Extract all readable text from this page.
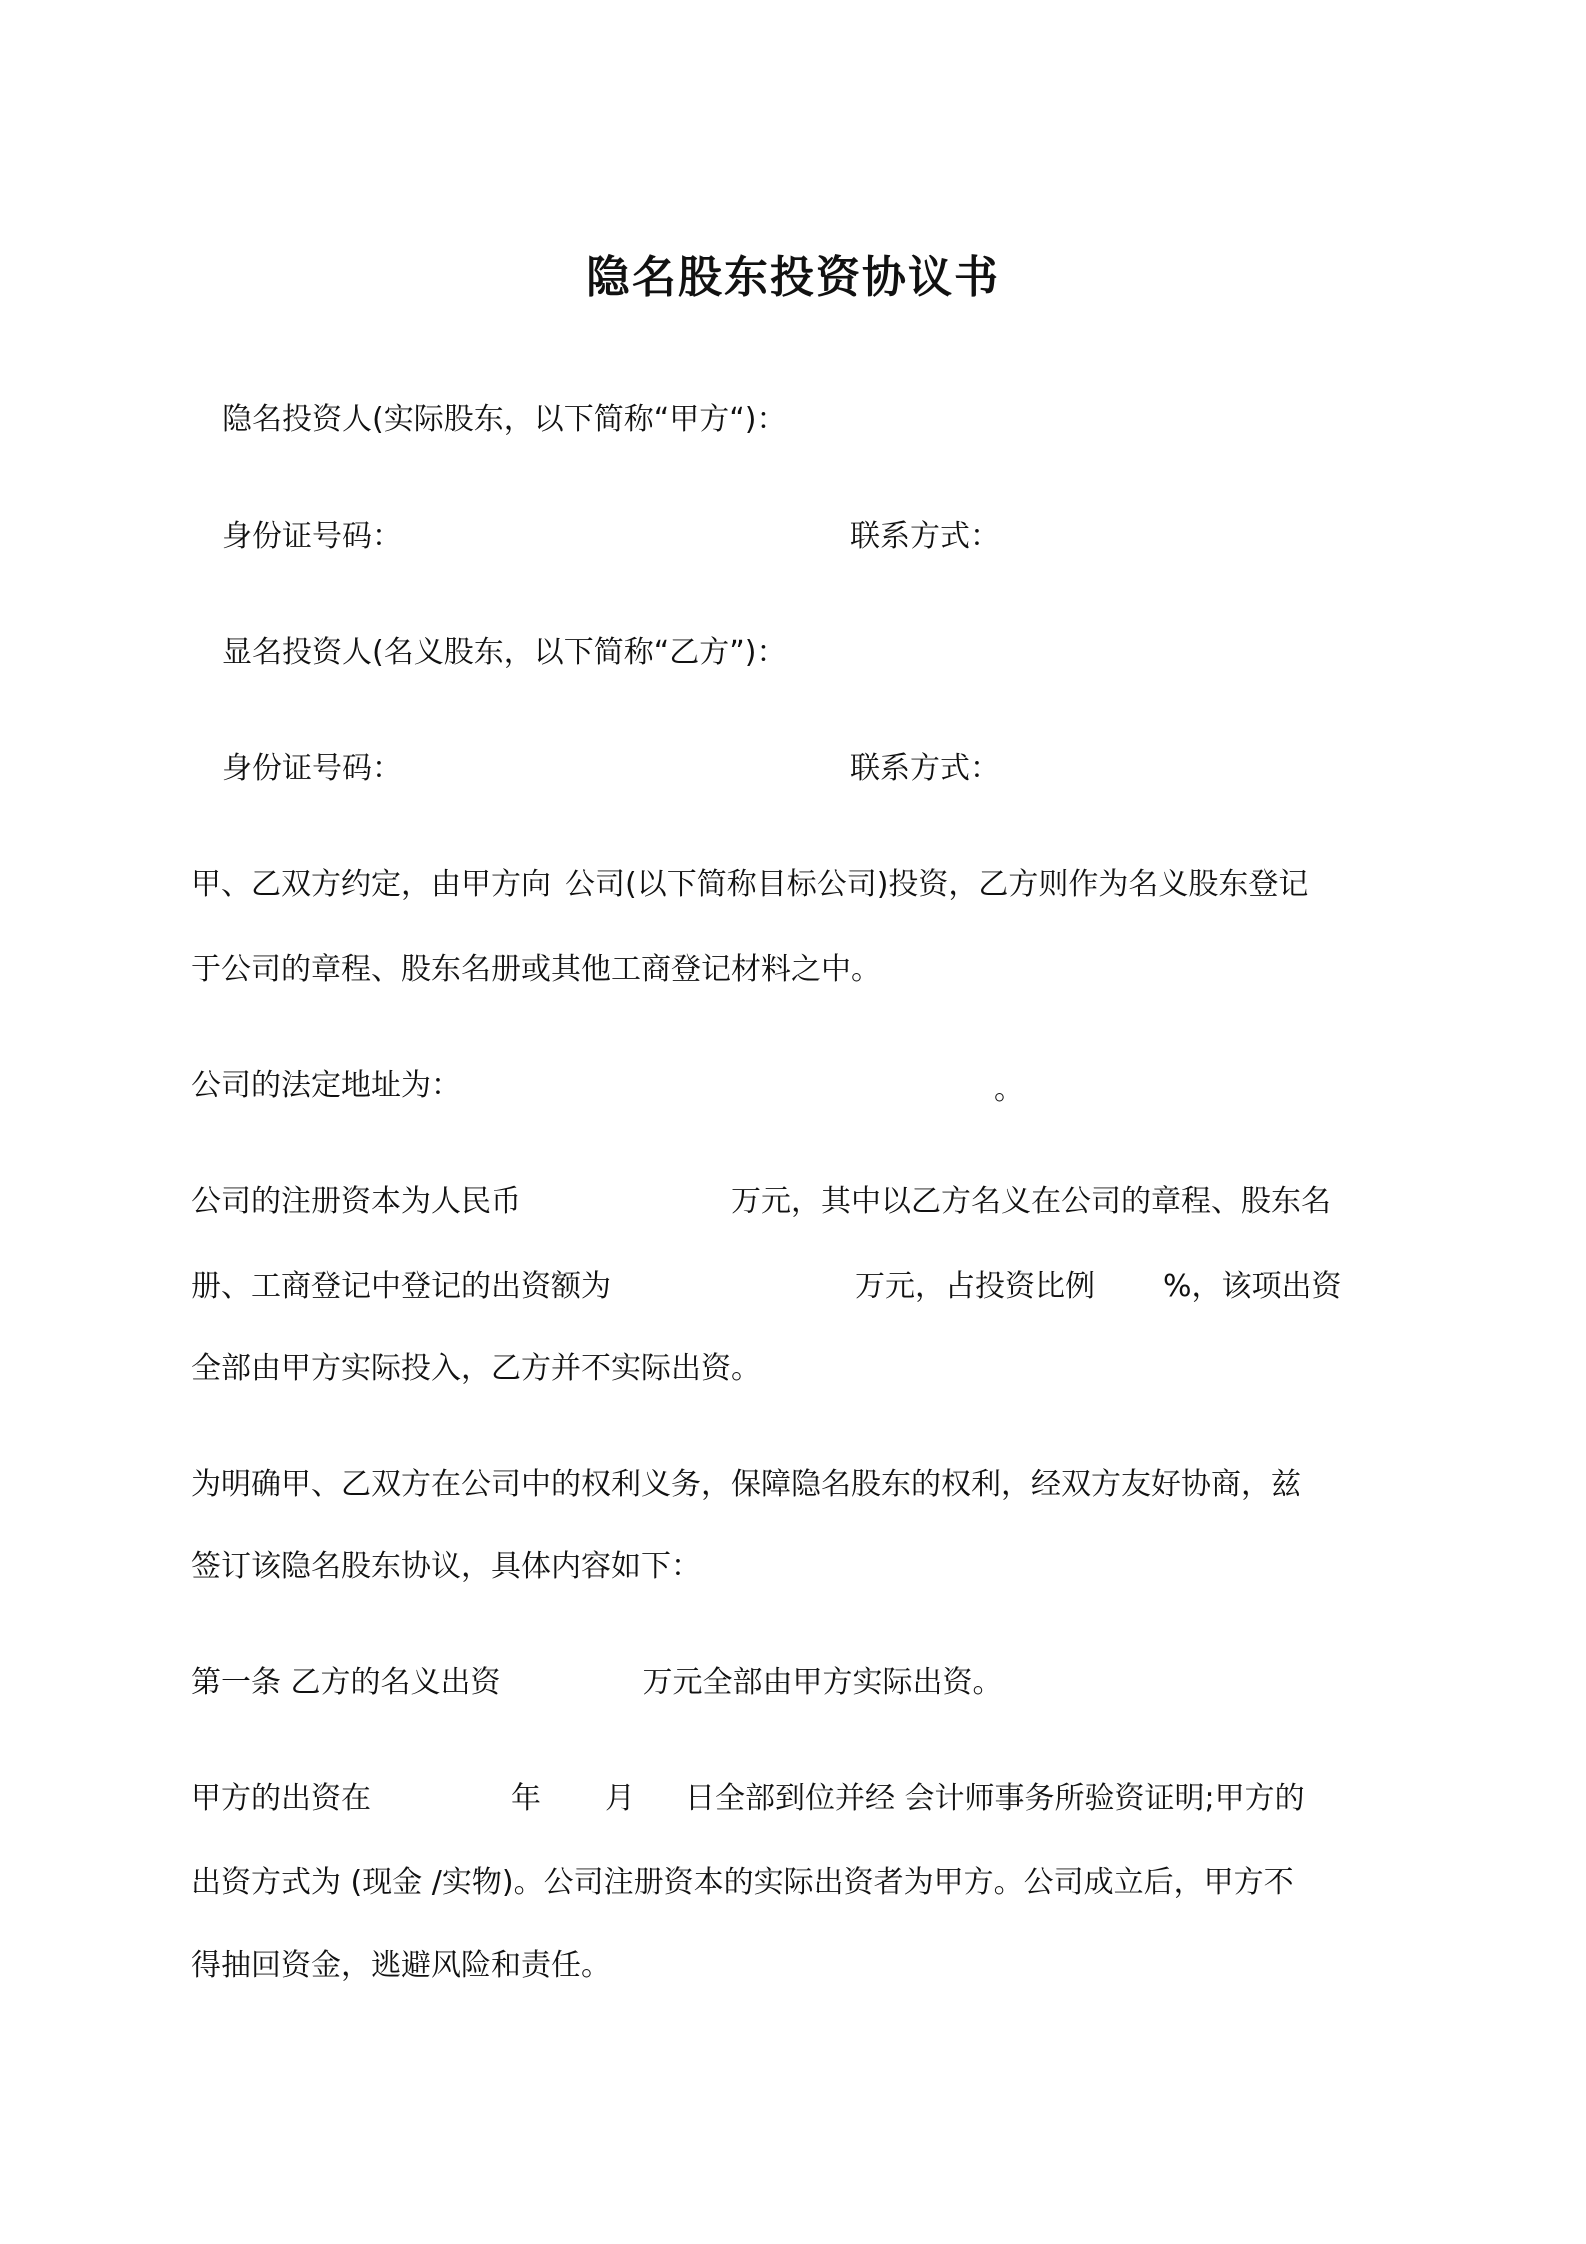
隐名股东投资协议书
隐名投资人(实际股东，以下简称“甲方“)：
身份证号码：	联系方式：
显名投资人(名义股东，以下简称“乙方”)：
身份证号码：	联系方式：
甲、乙双方约定，由甲方向 公司(以下简称目标公司)投资，乙方则作为名义股东登记
于公司的章程、股东名册或其他工商登记材料之中。
公司的法定地址为：	。
公司的注册资本为人民币	万元，其中以乙方名义在公司的章程、股东名
册、工商登记中登记的出资额为	万元，占投资比例 %，该项出资
全部由甲方实际投入，乙方并不实际出资。
为明确甲、乙双方在公司中的权利义务，保障隐名股东的权利，经双方友好协商，兹
签订该隐名股东协议，具体内容如下：
第一条 乙方的名义出资	万元全部由甲方实际出资。
甲方的出资在	年 月 日全部到位并经 会计师事务所验资证明;甲方的
出资方式为 (现金 /实物)。公司注册资本的实际出资者为甲方。公司成立后，甲方不
得抽回资金，逃避风险和责任。
